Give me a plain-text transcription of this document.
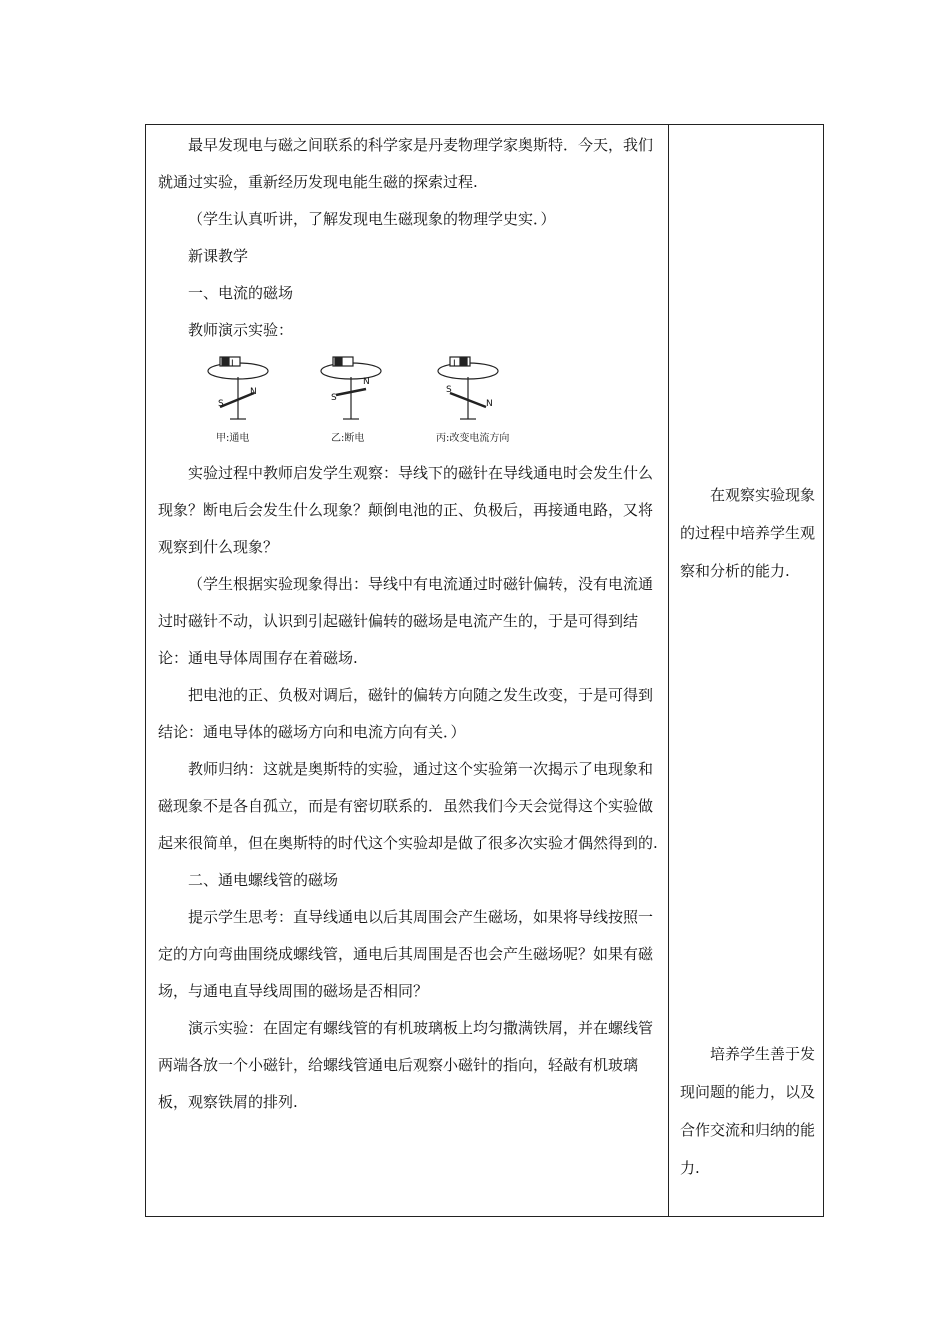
最早发现电与磁之间联系的科学家是丹麦物理学家奥斯特．今天，我们就通过实验，重新经历发现电能生磁的探索过程.

（学生认真听讲，了解发现电生磁现象的物理学史实．）

新课教学

一、电流的磁场

教师演示实验：

S
N
I
S
N
S
N
I
甲:通电	乙:断电	丙:改变电流方向

实验过程中教师启发学生观察：导线下的磁针在导线通电时会发生什么现象？断电后会发生什么现象？颠倒电池的正、负极后，再接通电路，又将观察到什么现象？

（学生根据实验现象得出：导线中有电流通过时磁针偏转，没有电流通过时磁针不动，认识到引起磁针偏转的磁场是电流产生的，于是可得到结论：通电导体周围存在着磁场.

把电池的正、负极对调后，磁针的偏转方向随之发生改变，于是可得到结论：通电导体的磁场方向和电流方向有关．）

教师归纳：这就是奥斯特的实验，通过这个实验第一次揭示了电现象和磁现象不是各自孤立，而是有密切联系的．虽然我们今天会觉得这个实验做起来很简单，但在奥斯特的时代这个实验却是做了很多次实验才偶然得到的.

二、通电螺线管的磁场

提示学生思考：直导线通电以后其周围会产生磁场，如果将导线按照一定的方向弯曲围绕成螺线管，通电后其周围是否也会产生磁场呢？如果有磁场，与通电直导线周围的磁场是否相同？

演示实验：在固定有螺线管的有机玻璃板上均匀撒满铁屑，并在螺线管两端各放一个小磁针，给螺线管通电后观察小磁针的指向，轻敲有机玻璃板，观察铁屑的排列.

在观察实验现象的过程中培养学生观察和分析的能力.

培养学生善于发现问题的能力，以及合作交流和归纳的能力.
